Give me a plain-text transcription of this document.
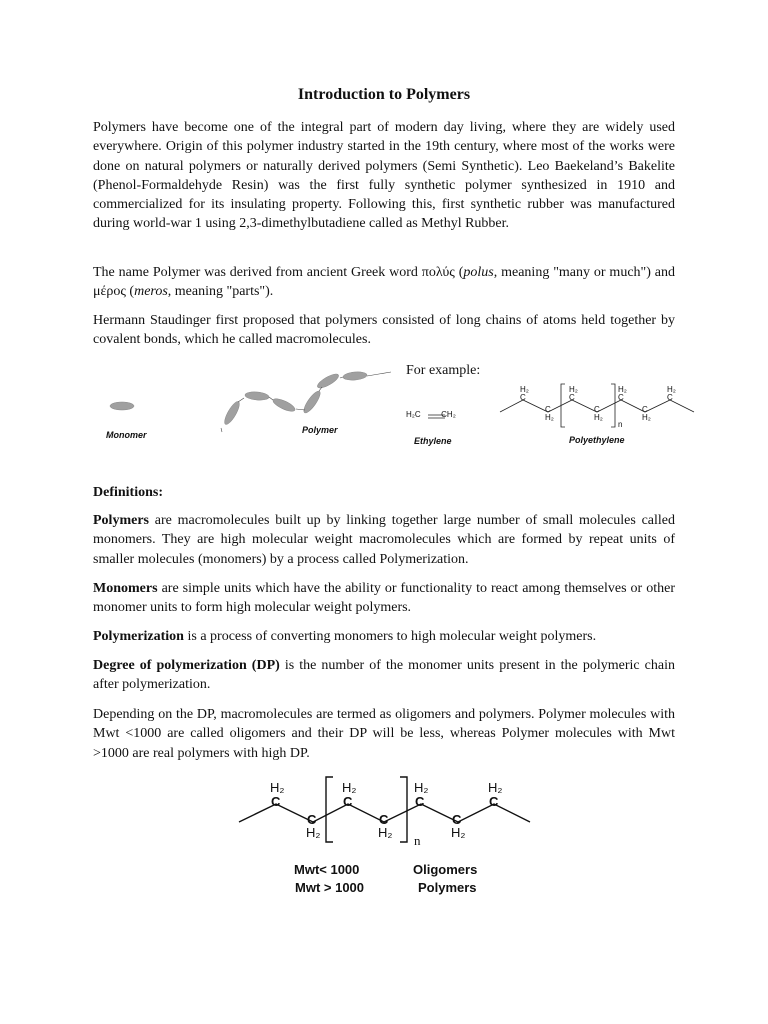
Introduction to Polymers

Polymers have become one of the integral part of modern day living, where they are widely used everywhere. Origin of this polymer industry started in the 19th century, where most of the works were done on natural polymers or naturally derived polymers (Semi Synthetic). Leo Baekeland’s Bakelite (Phenol-Formaldehyde Resin) was the first fully synthetic polymer synthesized in 1910 and commercialized for its insulating property. Following this, first synthetic rubber was manufactured during world-war 1 using 2,3-dimethylbutadiene called as Methyl Rubber.

The name Polymer was derived from ancient Greek word πολύς (polus, meaning "many or much") and μέρος (meros, meaning "parts").

Hermann Staudinger first proposed that polymers consisted of long chains of atoms held together by covalent bonds, which he called macromolecules.

For example:

Definitions:

Polymers are macromolecules built up by linking together large number of small molecules called monomers. They are high molecular weight macromolecules which are formed by repeat units of smaller molecules (monomers) by a process called Polymerization.

Monomers are simple units which have the ability or functionality to react among themselves or other monomer units to form high molecular weight polymers.

Polymerization is a process of converting monomers to high molecular weight polymers.

Degree of polymerization (DP) is the number of the monomer units present in the polymeric chain after polymerization.

Depending on the DP, macromolecules are termed as oligomers and polymers. Polymer molecules with Mwt <1000 are called oligomers and their DP will be less, whereas Polymer molecules with Mwt >1000 are real polymers with high DP.

Monomer	Polymer
Ethylene	Polyethylene
H₂C	CH₂
H₂
C
C
H₂
H₂
C
C
H₂
H₂
C
n
C
H₂
H₂
C
H₂
C
C
H₂
H₂
C
C
H₂
H₂
C
n
C
H₂
H₂
C
Mwt< 1000	Oligomers
Mwt > 1000	Polymers
